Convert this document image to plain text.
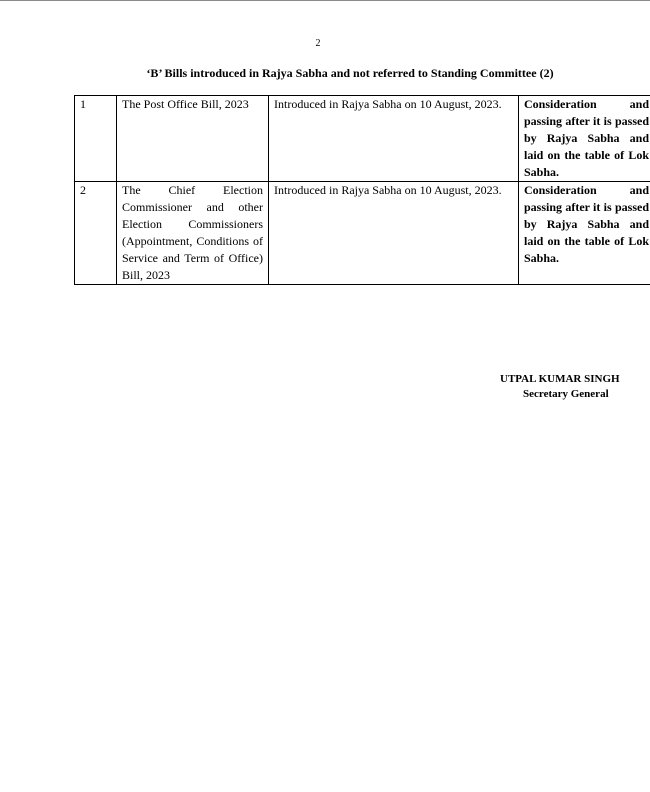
2
‘B’ Bills introduced in Rajya Sabha and not referred to Standing Committee (2)
1	The Post Office Bill, 2023	Introduced in Rajya Sabha on 10 August, 2023.	Consideration and passing after it is passed by Rajya Sabha and laid on the table of Lok Sabha.
2	The Chief Election Commissioner and other Election Commissioners (Appointment, Conditions of Service and Term of Office) Bill, 2023	Introduced in Rajya Sabha on 10 August, 2023.	Consideration and passing after it is passed by Rajya Sabha and laid on the table of Lok Sabha.
UTPAL KUMAR SINGH
Secretary General
